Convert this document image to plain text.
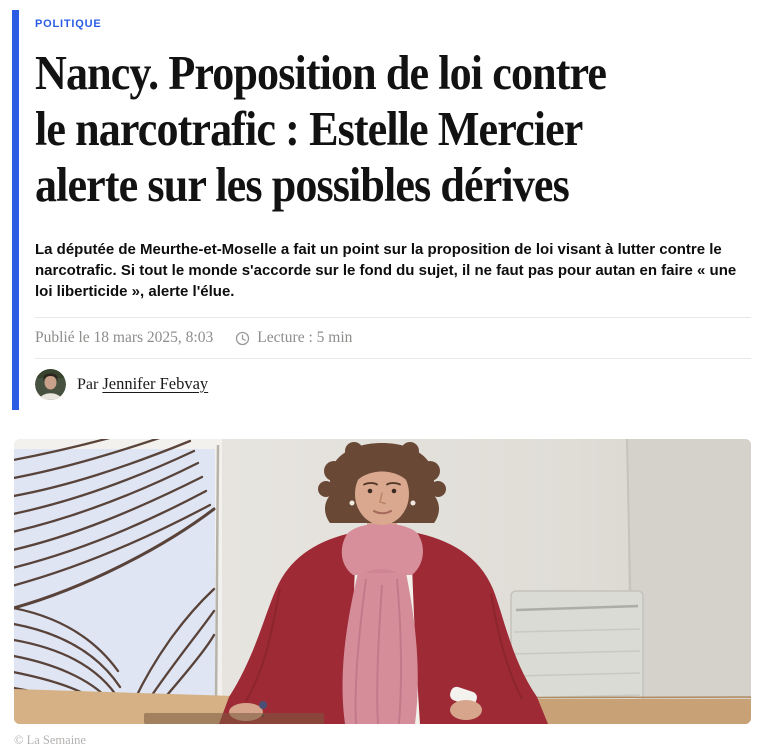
POLITIQUE
Nancy. Proposition de loi contre
le narcotrafic : Estelle Mercier
alerte sur les possibles dérives

La députée de Meurthe-et-Moselle a fait un point sur la proposition de loi visant à lutter contre le narcotrafic. Si tout le monde s'accorde sur le fond du sujet, il ne faut pas pour autan en faire « une loi liberticide », alerte l'élue.

Publié le 18 mars 2025, 8:03	Lecture : 5 min
Par Jennifer Febvay
© La Semaine
